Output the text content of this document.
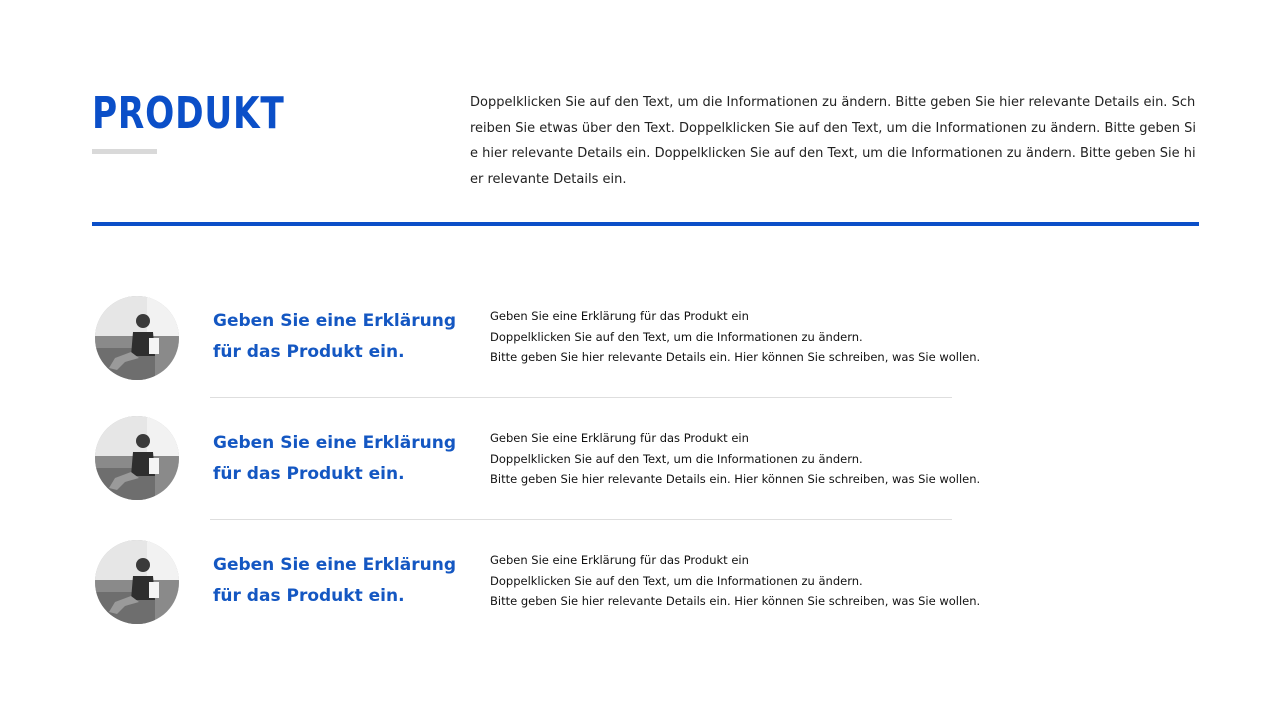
PRODUKT	Doppelklicken Sie auf den Text, um die Informationen zu ändern. Bitte geben Sie hier relevante Details ein. Schreiben Sie etwas über den Text. Doppelklicken Sie auf den Text, um die Informationen zu ändern. Bitte geben Sie hier relevante Details ein. Doppelklicken Sie auf den Text, um die Informationen zu ändern. Bitte geben Sie hier relevante Details ein.
Geben Sie eine Erklärung
für das Produkt ein.
Geben Sie eine Erklärung für das Produkt ein
Doppelklicken Sie auf den Text, um die Informationen zu ändern.
Bitte geben Sie hier relevante Details ein. Hier können Sie schreiben, was Sie wollen.
Geben Sie eine Erklärung
für das Produkt ein.
Geben Sie eine Erklärung für das Produkt ein
Doppelklicken Sie auf den Text, um die Informationen zu ändern.
Bitte geben Sie hier relevante Details ein. Hier können Sie schreiben, was Sie wollen.
Geben Sie eine Erklärung
für das Produkt ein.
Geben Sie eine Erklärung für das Produkt ein
Doppelklicken Sie auf den Text, um die Informationen zu ändern.
Bitte geben Sie hier relevante Details ein. Hier können Sie schreiben, was Sie wollen.
